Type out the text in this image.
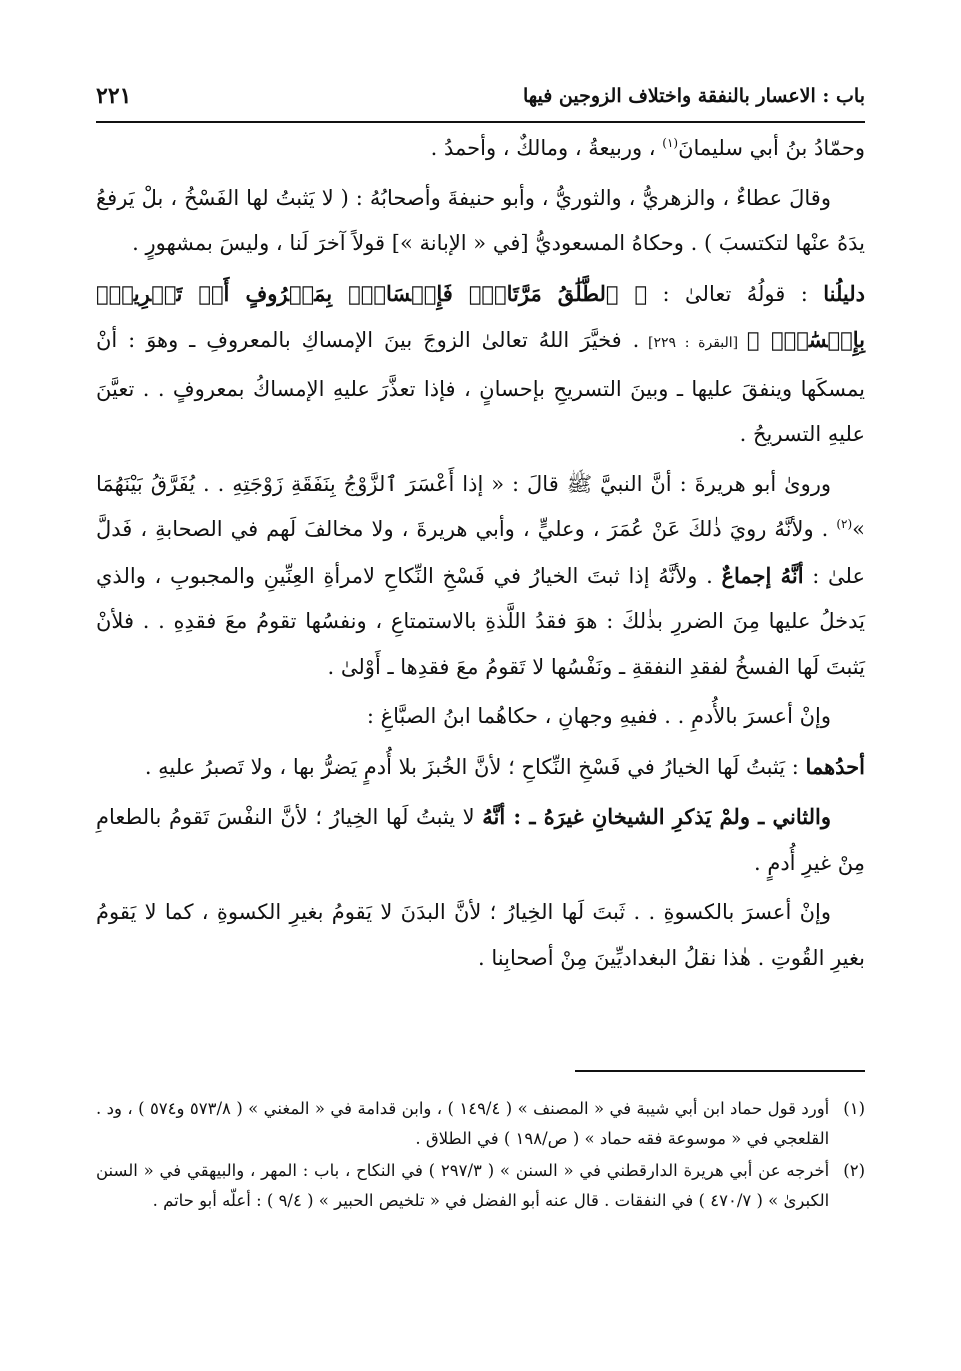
باب : الاعسار بالنفقة واختلاف الزوجين فيها
٢٢١

وحمّادُ بنُ أبي سليمانَ$^{(١)}$ ، وربيعةُ ، ومالكٌ ، وأحمدُ .

وقالَ عطاءٌ ، والزهريُّ ، والثوريُّ ، وأبو حنيفةَ وأصحابُهُ : ( لا يَثبتُ لها الفَسْخُ ، بلْ يَرفعُ يدَهُ عنْها لتكتسبَ ) . وحكاهُ المسعوديُّ [في « الإبانة »] قولاً آخرَ لَنا ، وليسَ بمشهورٍ .

دليلُنا : قولُهُ تعالىٰ : ﴿ ٱلطَّلَٰقُ مَرَّتَانِۖ فَإِمۡسَاكُۢ بِمَعۡرُوفٍ أَوۡ تَسۡرِيحُۢ بِإِحۡسَٰنٖۗ ﴾ [البقرة : ٢٢٩] . فخيَّرَ اللهُ تعالىٰ الزوجَ بينَ الإمساكِ بالمعروفِ ـ وهوَ : أنْ يمسكَها وينفقَ عليها ـ وبينَ التسريحِ بإحسانٍ ، فإذا تعذَّرَ عليهِ الإمساكُ بمعروفٍ . . تعيَّنَ عليهِ التسريحُ .

وروىٰ أبو هريرةَ : أنَّ النبيَّ ﷺ قالَ : « إذا أَعْسَرَ ٱلزَّوْجُ بِنَفَقَةِ زَوْجَتِهِ . . يُفَرَّقُ بَيْنَهُمَا »$^{(٢)}$ . ولأنَّهُ رويَ ذٰلكَ عَنْ عُمَرَ ، وعليٍّ ، وأبي هريرةَ ، ولا مخالفَ لَهم في الصحابةِ ، فَدلَّ علىٰ : أنَّهُ إجماعٌ . ولأنَّهُ إذا ثبتَ الخيارُ في فَسْخِ النِّكاحِ لامرأةِ العِنِّينِ والمجبوبِ ، والذي يَدخلُ عليها مِنَ الضررِ بذٰلكَ : هوَ فقدُ اللَّذةِ بالاستمتاعِ ، ونفسُها تقومُ معَ فقدِهِ . . فلأنْ يَثبتَ لَها الفسخُ لفقدِ النفقةِ ـ ونَفْسُها لا تَقومُ معَ فقدِها ـ أَوْلىٰ .

وإنْ أعسرَ بالأُدمِ . . ففيهِ وجهانِ ، حكاهُما ابنُ الصبَّاغِ :

أحدُهما : يَثبتُ لَها الخيارُ في فَسْخِ النِّكاحِ ؛ لأنَّ الخُبزَ بلا أُدمٍ يَضرُّ بها ، ولا تَصبرُ عليهِ .

والثاني ـ ولمْ يَذكرِ الشيخانِ غيرَهُ ـ : أنَّهُ لا يثبتُ لَها الخِيارُ ؛ لأنَّ النفْسَ تَقومُ بالطعامِ مِنْ غيرِ أُدمٍ .

وإنْ أعسرَ بالكسوةِ . . ثَبتَ لَها الخِيارُ ؛ لأنَّ البدَنَ لا يَقومُ بغيرِ الكسوةِ ، كما لا يَقومُ بغيرِ القُوتِ . هٰذا نقلُ البغداديِّينَ مِنْ أصحابِنا .

(١)
أورد قول حماد ابن أبي شيبة في « المصنف » ( ١٤٩/٤ ) ، وابن قدامة في « المغني » ( ٥٧٣/٨ و٥٧٤ ) ، ود . القلعجي في « موسوعة فقه حماد » ( ص/١٩٨ ) في الطلاق .
(٢)
أخرجه عن أبي هريرة الدارقطني في « السنن » ( ٢٩٧/٣ ) في النكاح ، باب : المهر ، والبيهقي في « السنن الكبرىٰ » ( ٤٧٠/٧ ) في النفقات . قال عنه أبو الفضل في « تلخيص الحبير » ( ٩/٤ ) : أعلّه أبو حاتم .
